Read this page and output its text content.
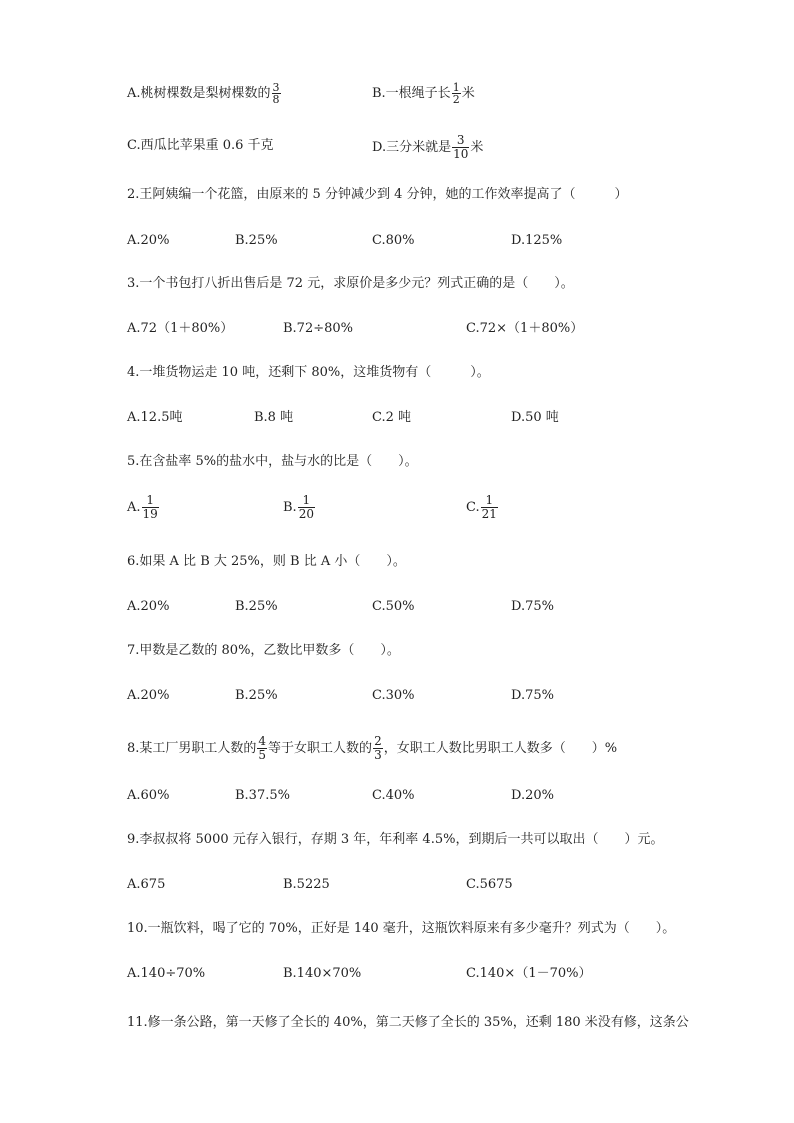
A.桃树棵数是梨树棵数的 $\frac{3}{8}$	B.一根绳子长 $\frac{1}{2}$ 米
C.西瓜比苹果重 0.6 千克	D.三分米就是 $\frac{3}{10}$ 米
2.王阿姨编一个花篮，由原来的 5 分钟减少到 4 分钟，她的工作效率提高了（　　　）
A.20%	B.25%	C.80%	D.125%
3.一个书包打八折出售后是 72 元，求原价是多少元？列式正确的是（　　）。
A.72（1＋80%）	B.72÷80%	C.72×（1＋80%）
4.一堆货物运走 10 吨，还剩下 80%，这堆货物有（　　　）。
A.12.5吨	B.8 吨	C.2 吨	D.50 吨
5.在含盐率 5%的盐水中，盐与水的比是（　　）。
A. $\frac{1}{19}$	B. $\frac{1}{20}$	C. $\frac{1}{21}$
6.如果 A 比 B 大 25%，则 B 比 A 小（　　）。
A.20%	B.25%	C.50%	D.75%
7.甲数是乙数的 80%，乙数比甲数多（　　）。
A.20%	B.25%	C.30%	D.75%
8.某工厂男职工人数的 $\frac{4}{5}$ 等于女职工人数的 $\frac{2}{3}$ ，女职工人数比男职工人数多（　　）%
A.60%	B.37.5%	C.40%	D.20%
9.李叔叔将 5000 元存入银行，存期 3 年，年利率 4.5%，到期后一共可以取出（　　）元。
A.675	B.5225	C.5675
10.一瓶饮料，喝了它的 70%，正好是 140 毫升，这瓶饮料原来有多少毫升？列式为（　　）。
A.140÷70%	B.140×70%	C.140×（1－70%）
11.修一条公路，第一天修了全长的 40%，第二天修了全长的 35%，还剩 180 米没有修，这条公
